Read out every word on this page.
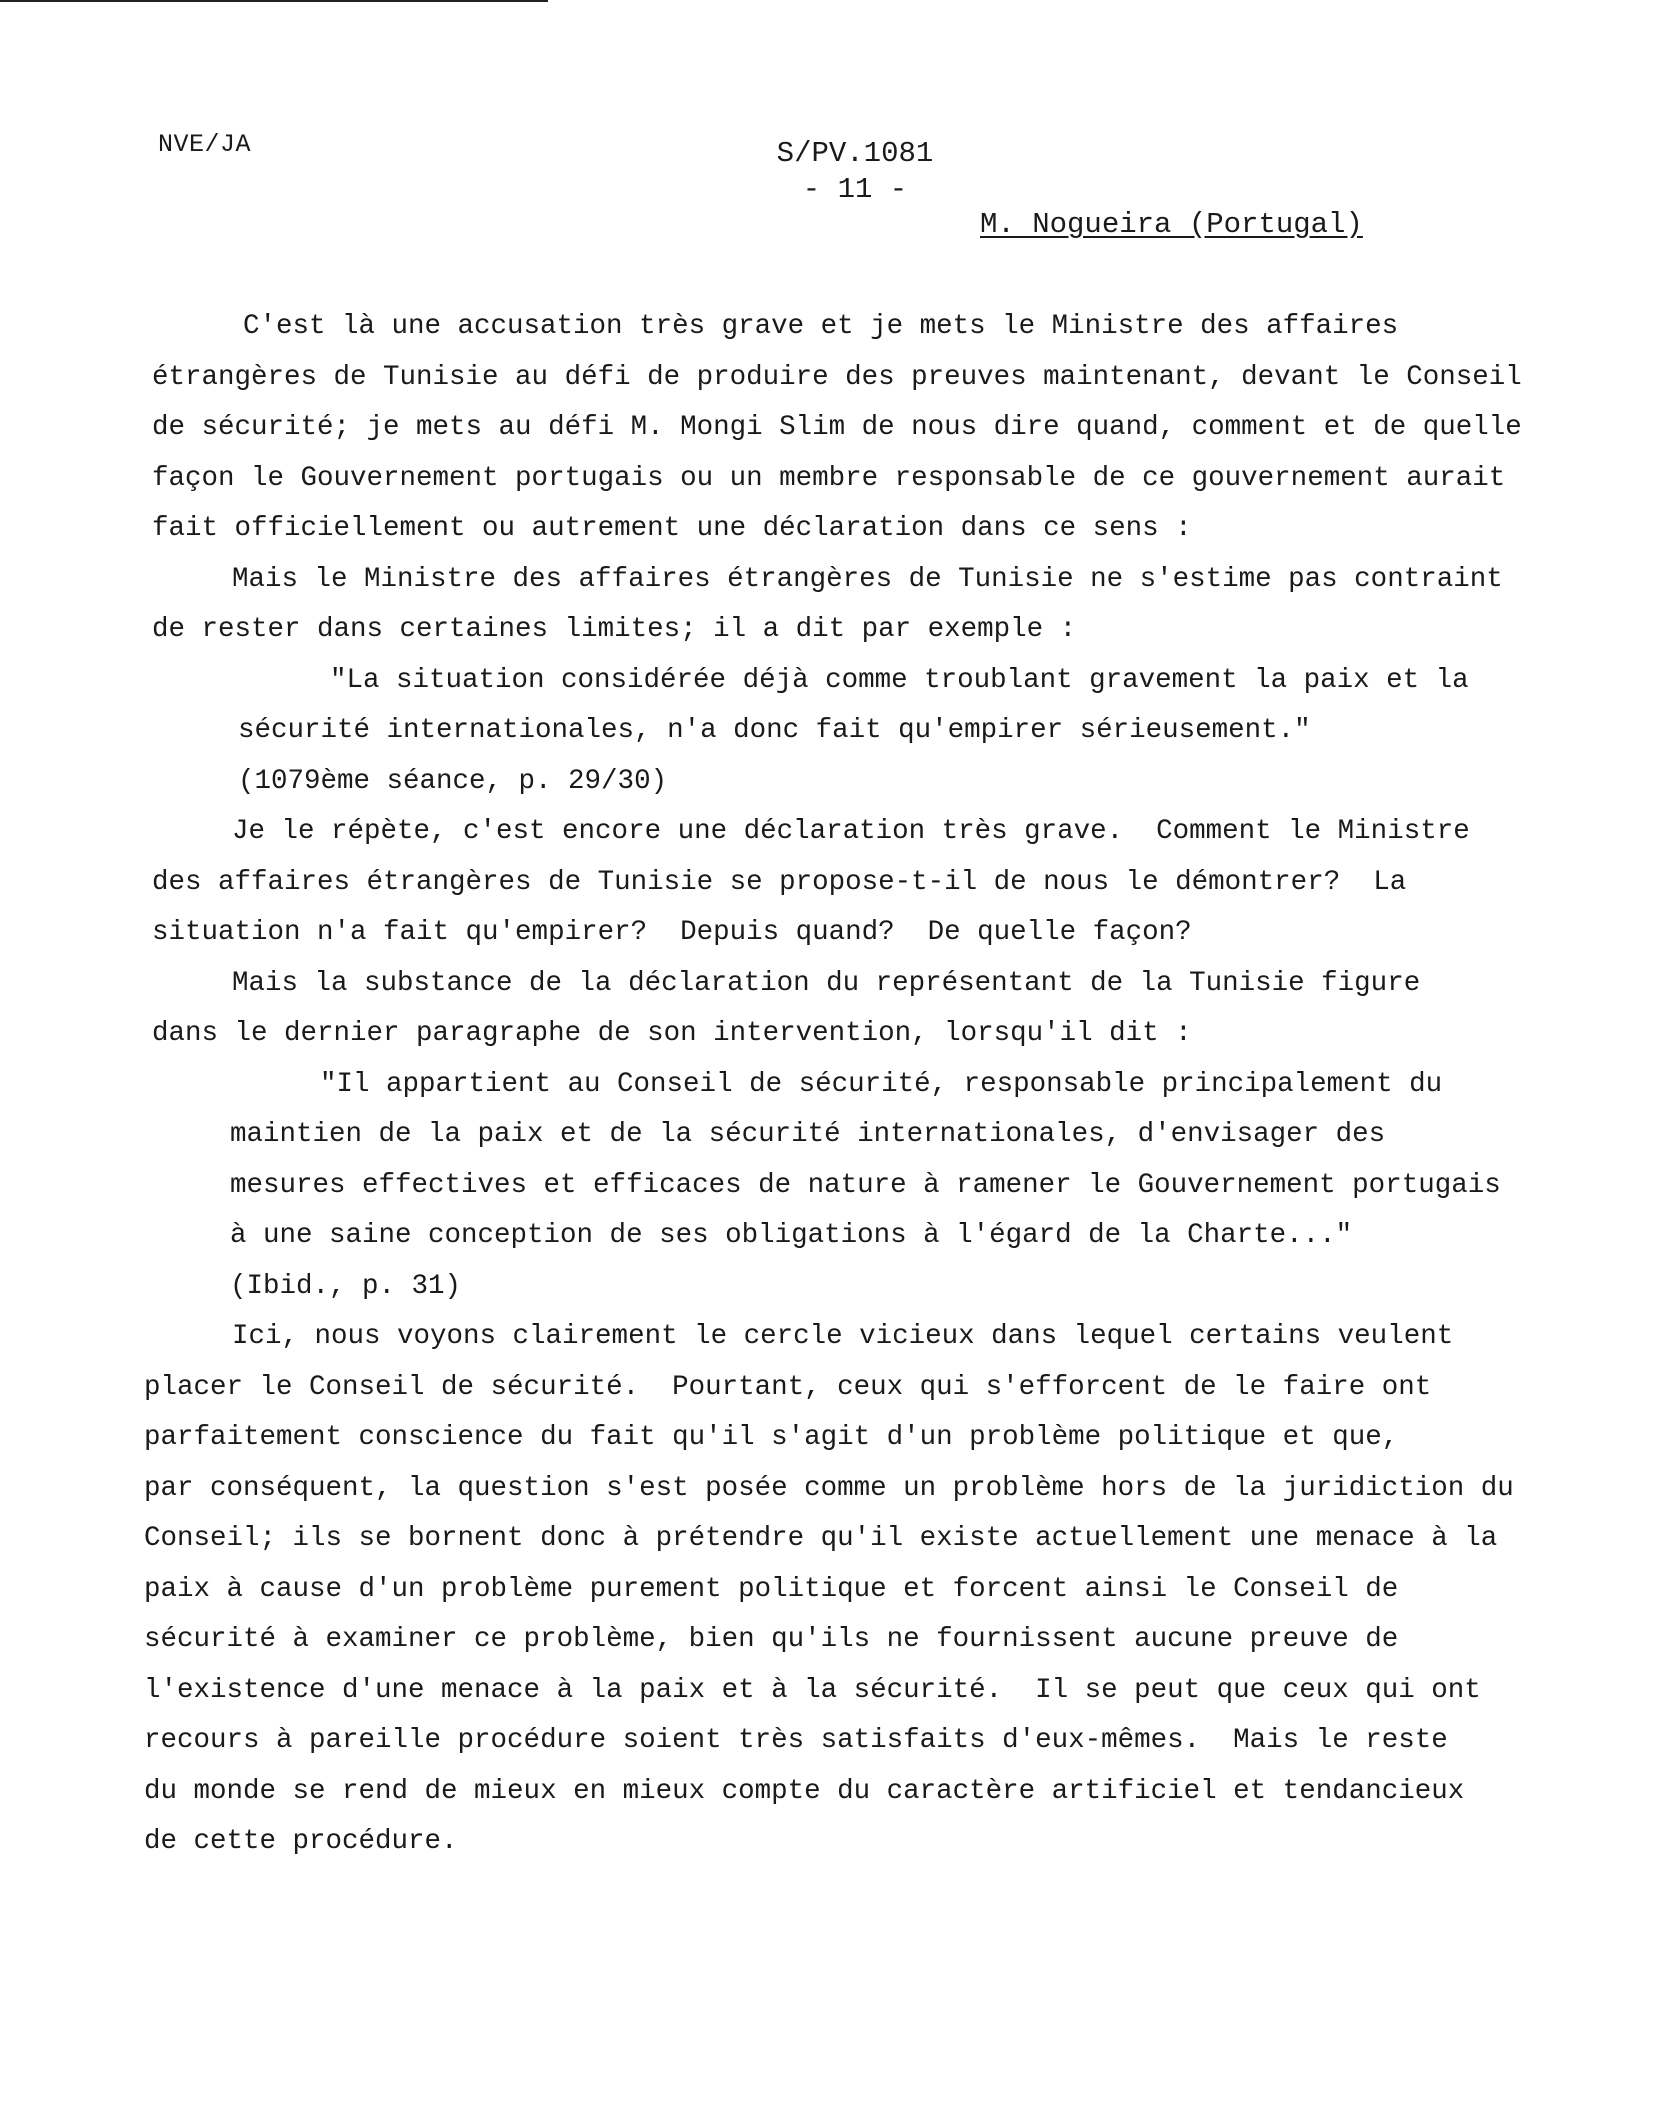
NVE/JA	S/PV.1081
- 11 -
M. Nogueira (Portugal)

C'est là une accusation très grave et je mets le Ministre des affaires

étrangères de Tunisie au défi de produire des preuves maintenant, devant le Conseil

de sécurité; je mets au défi M. Mongi Slim de nous dire quand, comment et de quelle

façon le Gouvernement portugais ou un membre responsable de ce gouvernement aurait

fait officiellement ou autrement une déclaration dans ce sens :

Mais le Ministre des affaires étrangères de Tunisie ne s'estime pas contraint

de rester dans certaines limites; il a dit par exemple :

"La situation considérée déjà comme troublant gravement la paix et la

sécurité internationales, n'a donc fait qu'empirer sérieusement."

(1079ème séance, p. 29/30)

Je le répète, c'est encore une déclaration très grave.  Comment le Ministre

des affaires étrangères de Tunisie se propose-t-il de nous le démontrer?  La

situation n'a fait qu'empirer?  Depuis quand?  De quelle façon?

Mais la substance de la déclaration du représentant de la Tunisie figure

dans le dernier paragraphe de son intervention, lorsqu'il dit :

"Il appartient au Conseil de sécurité, responsable principalement du

maintien de la paix et de la sécurité internationales, d'envisager des

mesures effectives et efficaces de nature à ramener le Gouvernement portugais

à une saine conception de ses obligations à l'égard de la Charte..."

(Ibid., p. 31)

Ici, nous voyons clairement le cercle vicieux dans lequel certains veulent

placer le Conseil de sécurité.  Pourtant, ceux qui s'efforcent de le faire ont

parfaitement conscience du fait qu'il s'agit d'un problème politique et que,

par conséquent, la question s'est posée comme un problème hors de la juridiction du

Conseil; ils se bornent donc à prétendre qu'il existe actuellement une menace à la

paix à cause d'un problème purement politique et forcent ainsi le Conseil de

sécurité à examiner ce problème, bien qu'ils ne fournissent aucune preuve de

l'existence d'une menace à la paix et à la sécurité.  Il se peut que ceux qui ont

recours à pareille procédure soient très satisfaits d'eux-mêmes.  Mais le reste

du monde se rend de mieux en mieux compte du caractère artificiel et tendancieux

de cette procédure.
